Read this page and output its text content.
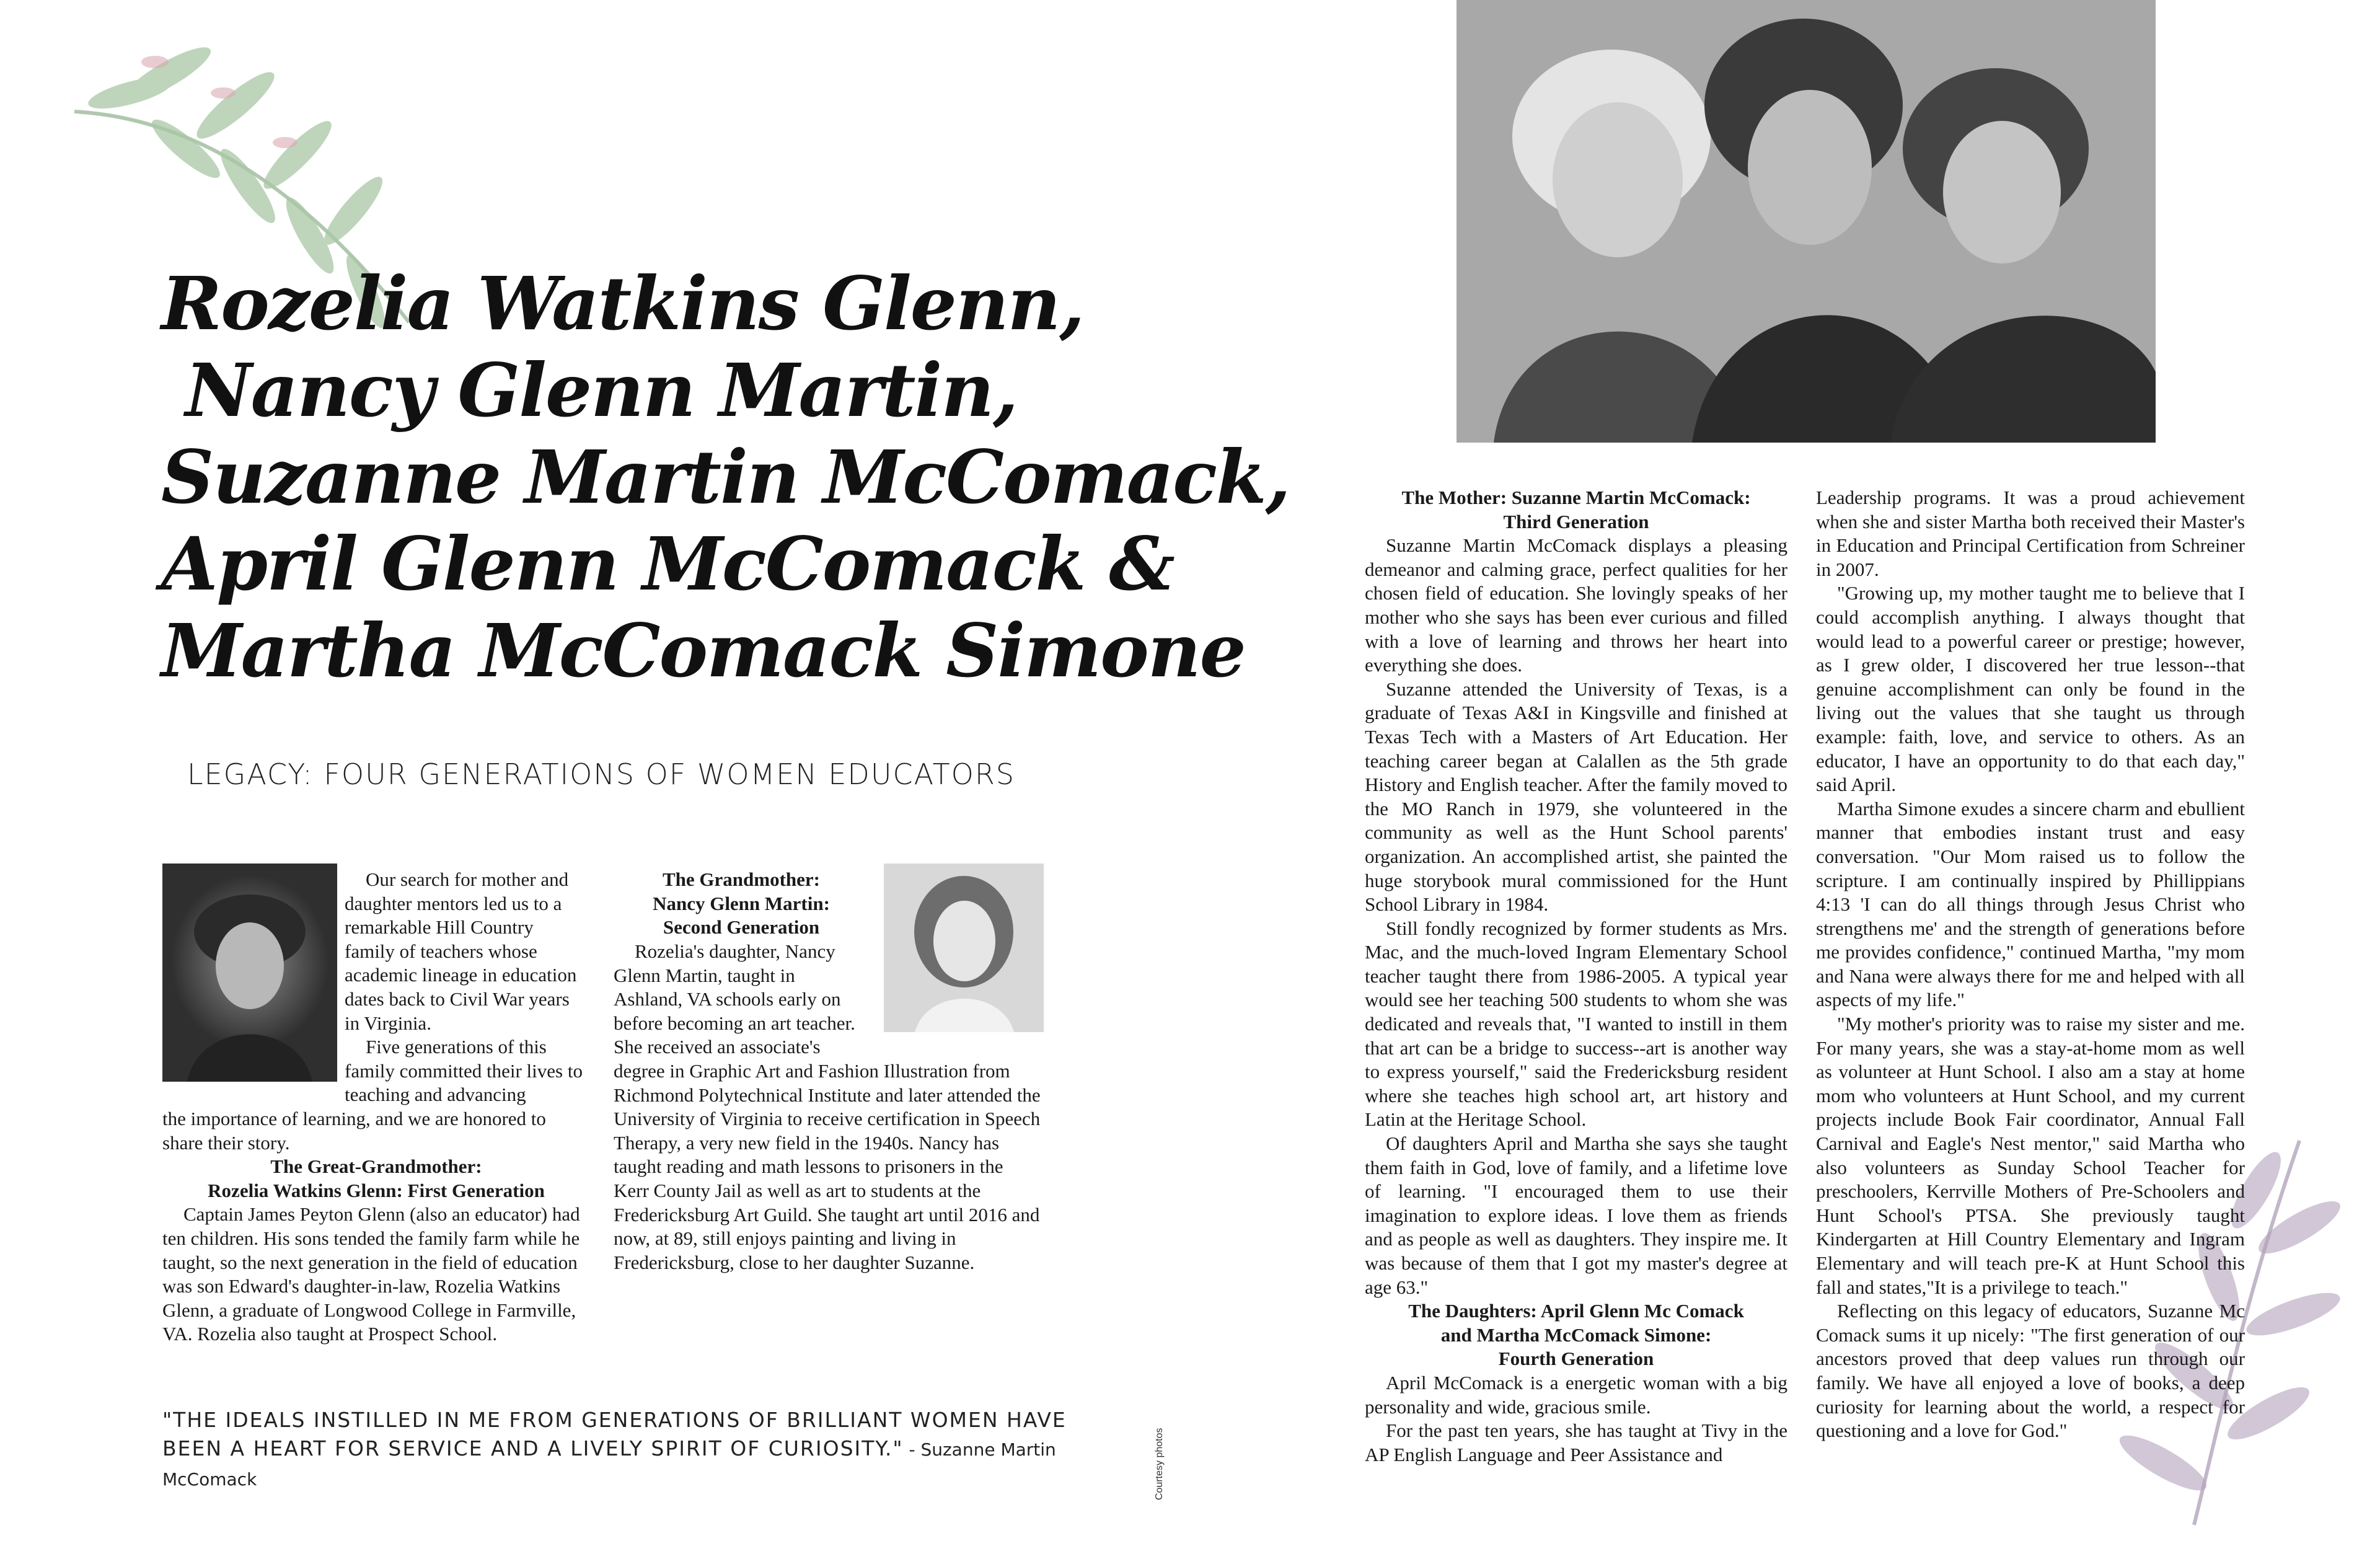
Rozelia Watkins Glenn,
Nancy Glenn Martin,
Suzanne Martin McComack,
April Glenn McComack &
Martha McComack Simone
LEGACY: FOUR GENERATIONS OF WOMEN EDUCATORS

Our search for mother and daughter mentors led us to a remarkable Hill Country family of teachers whose academic lineage in education dates back to Civil War years in Virginia.

Five generations of this family committed their lives to teaching and advancing

the importance of learning, and we are honored to share their story.

The Great-Grandmother:

Rozelia Watkins Glenn: First Generation

Captain James Peyton Glenn (also an educator) had ten children. His sons tended the family farm while he taught, so the next generation in the field of education was son Edward's daughter-in-law, Rozelia Watkins Glenn, a graduate of Longwood College in Farmville, VA. Rozelia also taught at Prospect School.

The Grandmother:

Nancy Glenn Martin:

Second Generation

Rozelia's daughter, Nancy Glenn Martin, taught in Ashland, VA schools early on before becoming an art teacher. She received an associate's degree in Graphic Art and Fashion Illustration from Richmond Polytechnical Institute and later attended the University of Virginia to receive certification in Speech Therapy, a very new field in the 1940s. Nancy has taught reading and math lessons to prisoners in the Kerr County Jail as well as art to students at the Fredericksburg Art Guild. She taught art until 2016 and now, at 89, still enjoys painting and living in Fredericksburg, close to her daughter Suzanne.

"THE IDEALS INSTILLED IN ME FROM GENERATIONS OF BRILLIANT WOMEN HAVE BEEN A HEART FOR SERVICE AND A LIVELY SPIRIT OF CURIOSITY." - Suzanne Martin McComack	Courtesy photos

The Mother: Suzanne Martin McComack:

Third Generation

Suzanne Martin McComack displays a pleasing demeanor and calming grace, perfect qualities for her chosen field of education. She lovingly speaks of her mother who she says has been ever curious and filled with a love of learning and throws her heart into everything she does.

Suzanne attended the University of Texas, is a graduate of Texas A&I in Kingsville and finished at Texas Tech with a Masters of Art Education. Her teaching career began at Calallen as the 5th grade History and English teacher. After the family moved to the MO Ranch in 1979, she volunteered in the community as well as the Hunt School parents' organization. An accomplished artist, she painted the huge storybook mural commissioned for the Hunt School Library in 1984.

Still fondly recognized by former students as Mrs. Mac, and the much-loved Ingram Elementary School teacher taught there from 1986-2005. A typical year would see her teaching 500 students to whom she was dedicated and reveals that, "I wanted to instill in them that art can be a bridge to success--art is another way to express yourself," said the Fredericksburg resident where she teaches high school art, art history and Latin at the Heritage School.

Of daughters April and Martha she says she taught them faith in God, love of family, and a lifetime love of learning. "I encouraged them to use their imagination to explore ideas. I love them as friends and as people as well as daughters. They inspire me. It was because of them that I got my master's degree at age 63."

The Daughters: April Glenn Mc Comack

and Martha McComack Simone:

Fourth Generation

April McComack is a energetic woman with a big personality and wide, gracious smile.

For the past ten years, she has taught at Tivy in the AP English Language and Peer Assistance and

Leadership programs. It was a proud achievement when she and sister Martha both received their Master's in Education and Principal Certification from Schreiner in 2007.

"Growing up, my mother taught me to believe that I could accomplish anything. I always thought that would lead to a powerful career or prestige; however, as I grew older, I discovered her true lesson--that genuine accomplishment can only be found in the living out the values that she taught us through example: faith, love, and service to others. As an educator, I have an opportunity to do that each day," said April.

Martha Simone exudes a sincere charm and ebullient manner that embodies instant trust and easy conversation. "Our Mom raised us to follow the scripture. I am continually inspired by Phillippians 4:13 'I can do all things through Jesus Christ who strengthens me' and the strength of generations before me provides confidence," continued Martha, "my mom and Nana were always there for me and helped with all aspects of my life."

"My mother's priority was to raise my sister and me. For many years, she was a stay-at-home mom as well as volunteer at Hunt School. I also am a stay at home mom who volunteers at Hunt School, and my current projects include Book Fair coordinator, Annual Fall Carnival and Eagle's Nest mentor," said Martha who also volunteers as Sunday School Teacher for preschoolers, Kerrville Mothers of Pre-Schoolers and Hunt School's PTSA. She previously taught Kindergarten at Hill Country Elementary and Ingram Elementary and will teach pre-K at Hunt School this fall and states,"It is a privilege to teach."

Reflecting on this legacy of educators, Suzanne Mc Comack sums it up nicely: "The first generation of our ancestors proved that deep values run through our family. We have all enjoyed a love of books, a deep curiosity for learning about the world, a respect for questioning and a love for God."
